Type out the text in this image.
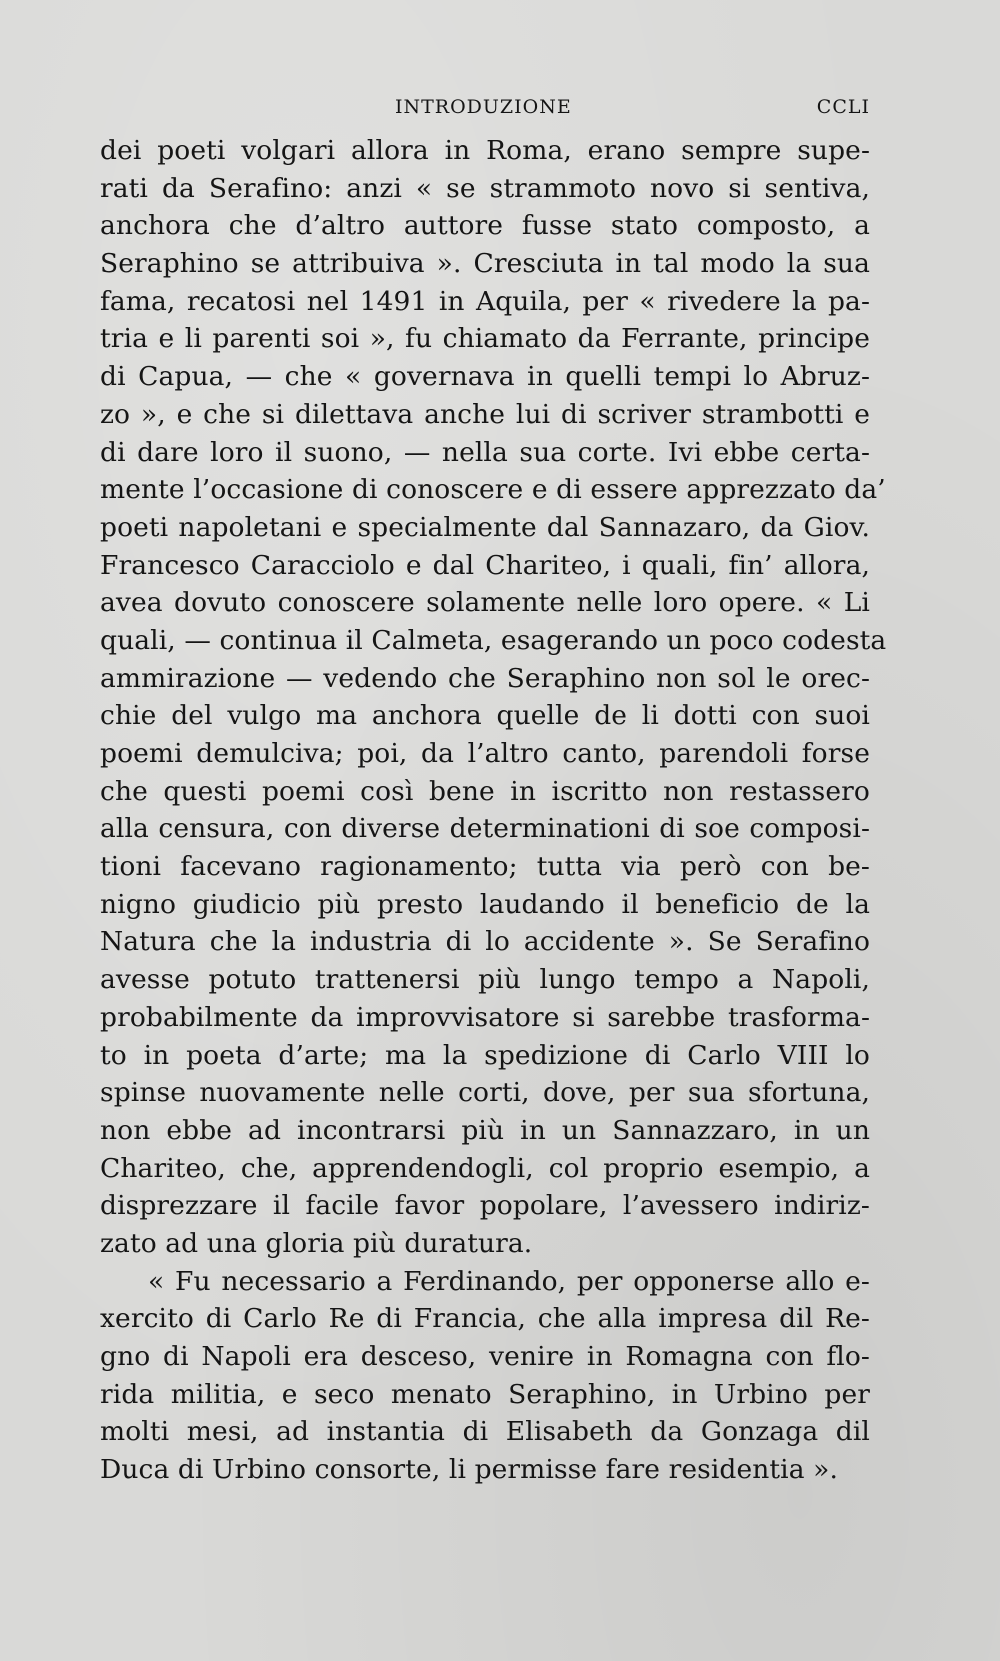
INTRODUZIONE	CCLI
dei poeti volgari allora in Roma, erano sempre supe-
rati da Serafino: anzi « se strammoto novo si sentiva,
anchora che d’altro auttore fusse stato composto, a
Seraphino se attribuiva ». Cresciuta in tal modo la sua
fama, recatosi nel 1491 in Aquila, per « rivedere la pa-
tria e li parenti soi », fu chiamato da Ferrante, principe
di Capua, — che « governava in quelli tempi lo Abruz-
zo », e che si dilettava anche lui di scriver strambotti e
di dare loro il suono, — nella sua corte. Ivi ebbe certa-
mente l’occasione di conoscere e di essere apprezzato da’
poeti napoletani e specialmente dal Sannazaro, da Giov.
Francesco Caracciolo e dal Chariteo, i quali, fin’ allora,
avea dovuto conoscere solamente nelle loro opere. « Li
quali, — continua il Calmeta, esagerando un poco codesta
ammirazione — vedendo che Seraphino non sol le orec-
chie del vulgo ma anchora quelle de li dotti con suoi
poemi demulciva; poi, da l’altro canto, parendoli forse
che questi poemi così bene in iscritto non restassero
alla censura, con diverse determinationi di soe composi-
tioni facevano ragionamento; tutta via però con be-
nigno giudicio più presto laudando il beneficio de la
Natura che la industria di lo accidente ». Se Serafino
avesse potuto trattenersi più lungo tempo a Napoli,
probabilmente da improvvisatore si sarebbe trasforma-
to in poeta d’arte; ma la spedizione di Carlo VIII lo
spinse nuovamente nelle corti, dove, per sua sfortuna,
non ebbe ad incontrarsi più in un Sannazzaro, in un
Chariteo, che, apprendendogli, col proprio esempio, a
disprezzare il facile favor popolare, l’avessero indiriz-
zato ad una gloria più duratura.
« Fu necessario a Ferdinando, per opponerse allo e-
xercito di Carlo Re di Francia, che alla impresa dil Re-
gno di Napoli era desceso, venire in Romagna con flo-
rida militia, e seco menato Seraphino, in Urbino per
molti mesi, ad instantia di Elisabeth da Gonzaga dil
Duca di Urbino consorte, li permisse fare residentia ».
